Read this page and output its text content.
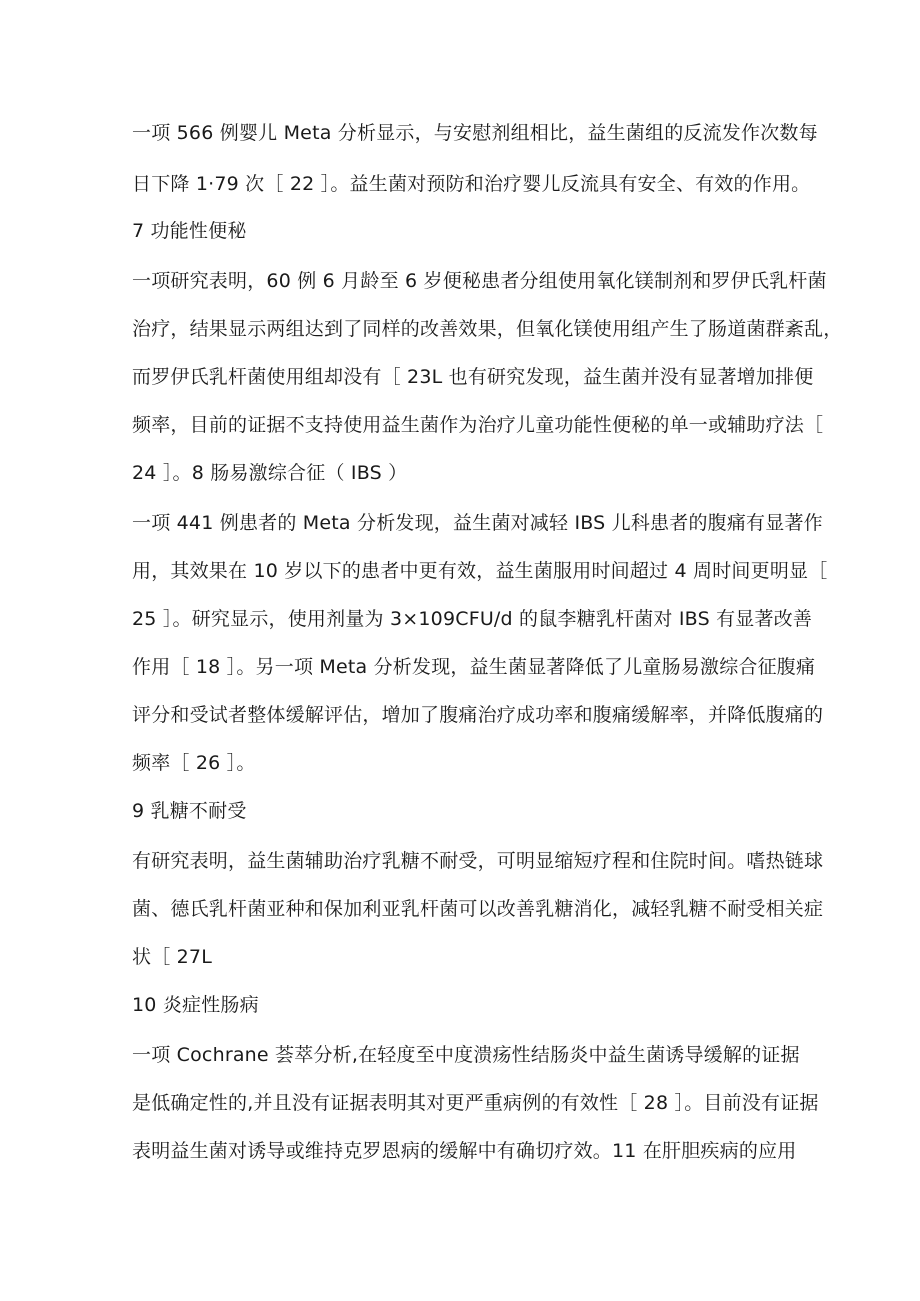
一项 566 例婴儿 Meta 分析显示，与安慰剂组相比，益生菌组的反流发作次数每
日下降 1·79 次［ 22 ］。益生菌对预防和治疗婴儿反流具有安全、有效的作用。
7 功能性便秘
一项研究表明，60 例 6 月龄至 6 岁便秘患者分组使用氧化镁制剂和罗伊氏乳杆菌
治疗，结果显示两组达到了同样的改善效果，但氧化镁使用组产生了肠道菌群紊乱，
而罗伊氏乳杆菌使用组却没有［ 23L 也有研究发现，益生菌并没有显著增加排便
频率，目前的证据不支持使用益生菌作为治疗儿童功能性便秘的单一或辅助疗法［
24 ］。8 肠易激综合征（ IBS ）
一项 441 例患者的 Meta 分析发现，益生菌对减轻 IBS 儿科患者的腹痛有显著作
用，其效果在 10 岁以下的患者中更有效，益生菌服用时间超过 4 周时间更明显［
25 ］。研究显示，使用剂量为 3×109CFU/d 的鼠李糖乳杆菌对 IBS 有显著改善
作用［ 18 ］。另一项 Meta 分析发现，益生菌显著降低了儿童肠易激综合征腹痛
评分和受试者整体缓解评估，增加了腹痛治疗成功率和腹痛缓解率，并降低腹痛的
频率［ 26 ］。
9 乳糖不耐受
有研究表明，益生菌辅助治疗乳糖不耐受，可明显缩短疗程和住院时间。嗜热链球
菌、德氏乳杆菌亚种和保加利亚乳杆菌可以改善乳糖消化，减轻乳糖不耐受相关症
状［ 27L
10 炎症性肠病
一项 Cochrane 荟萃分析,在轻度至中度溃疡性结肠炎中益生菌诱导缓解的证据
是低确定性的,并且没有证据表明其对更严重病例的有效性［ 28 ］。目前没有证据
表明益生菌对诱导或维持克罗恩病的缓解中有确切疗效。11 在肝胆疾病的应用
